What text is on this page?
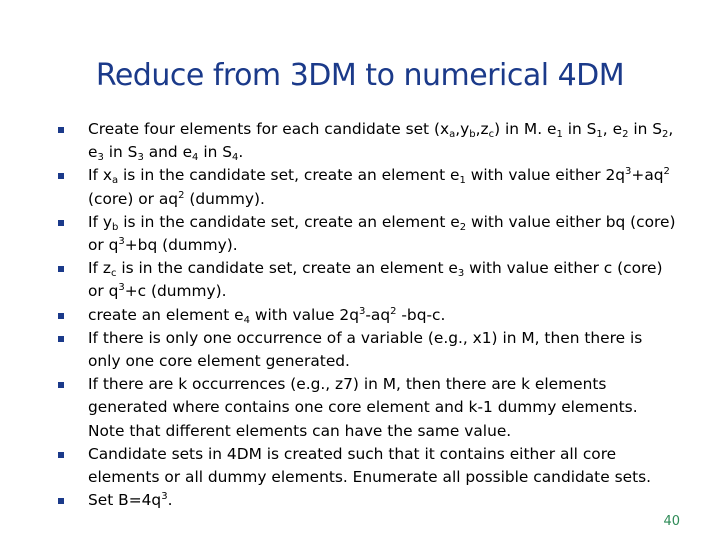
Reduce from 3DM to numerical 4DM
Create four elements for each candidate set $(x_a,y_b,z_c)$ in M. $e_1$ in $S_1$, $e_2$ in $S_2$, $e_3$ in $S_3$ and $e_4$ in $S_4$.
If $x_a$ is in the candidate set, create an element $e_1$ with value either $2q^3+aq^2$ (core) or $aq^2$ (dummy).
If $y_b$ is in the candidate set, create an element $e_2$ with value either bq (core) or $q^3+bq$ (dummy).
If $z_c$ is in the candidate set, create an element $e_3$ with value either c (core) or $q^3+c$ (dummy).
create an element $e_4$ with value $2q^3-aq^2$ -bq-c.
If there is only one occurrence of a variable (e.g., x1) in M, then there is only one core element generated.
If there are k occurrences (e.g., z7) in M, then there are k elements generated where contains one core element and k-1 dummy elements. Note that different elements can have the same value.
Candidate sets in 4DM is created such that it contains either all core elements or all dummy elements. Enumerate all possible candidate sets.
Set $B=4q^3$.
40
